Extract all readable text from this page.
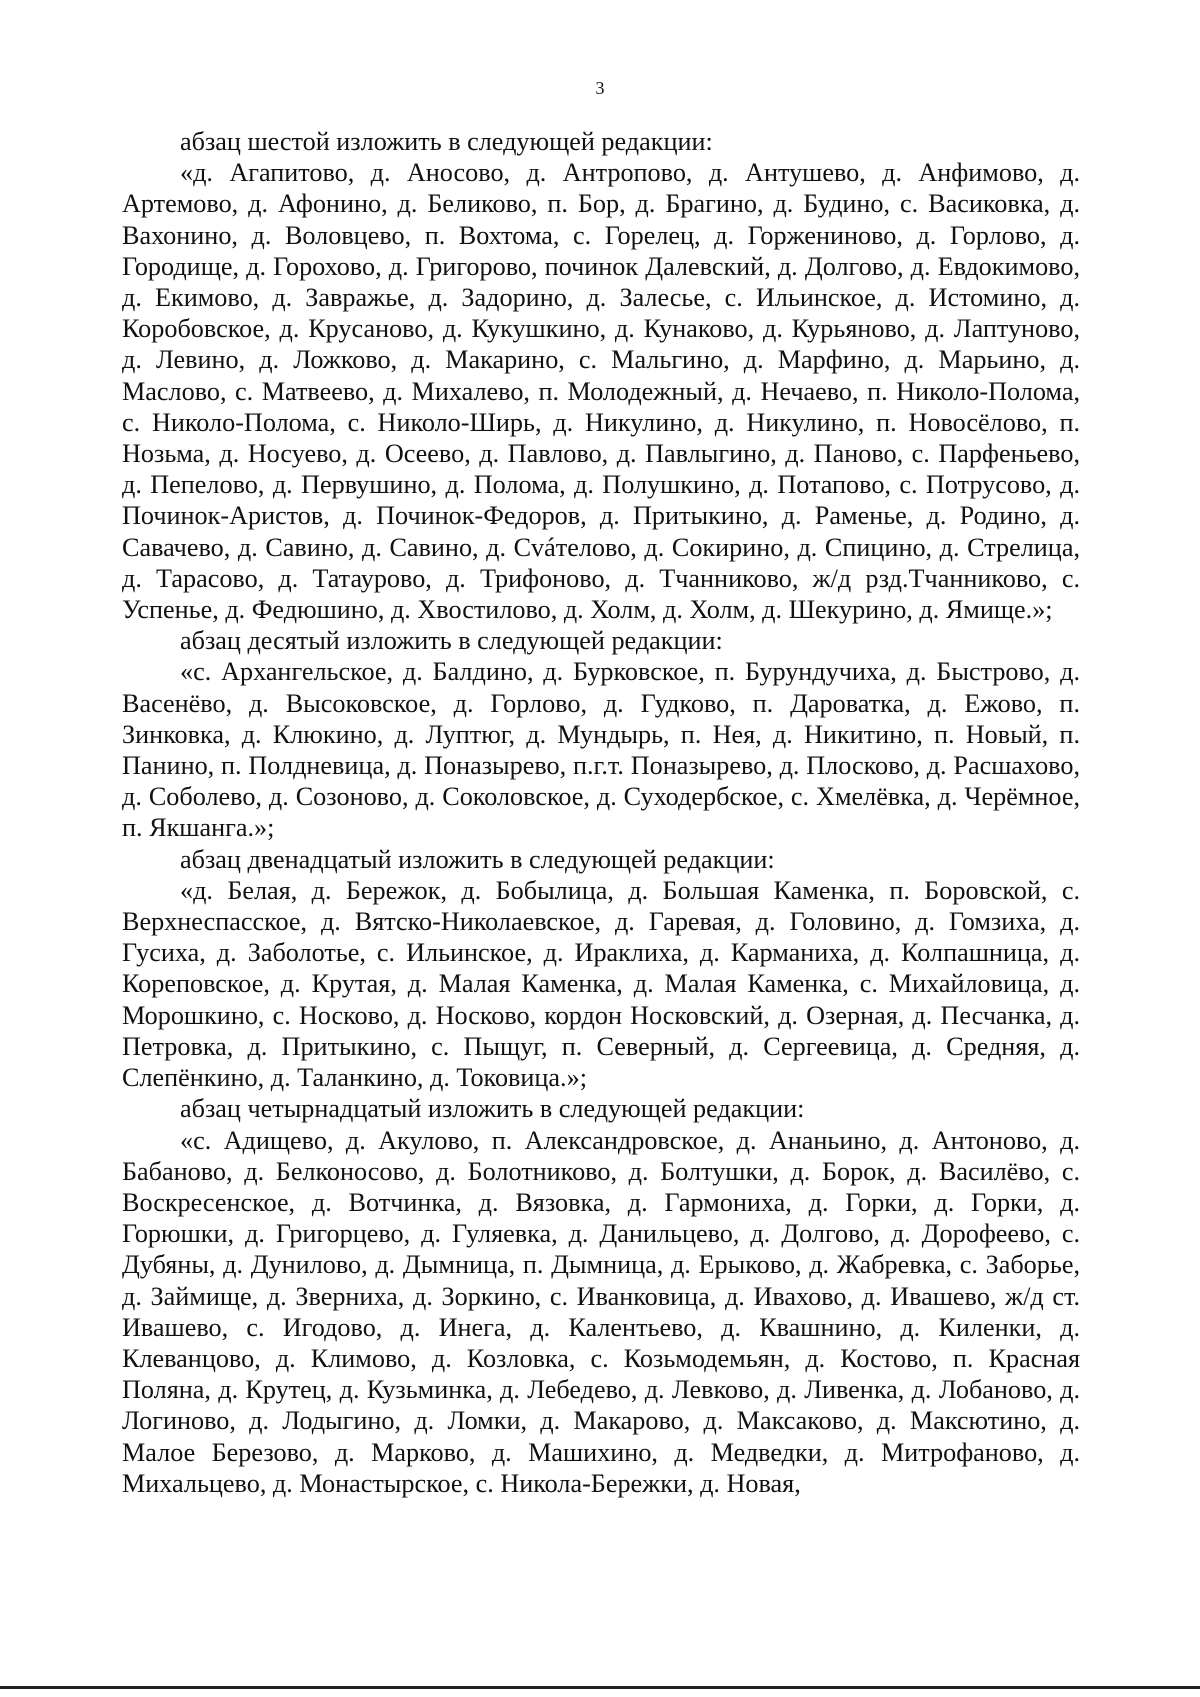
3

абзац шестой изложить в следующей редакции:

«д. Агапитово, д. Аносово, д. Антропово, д. Антушево, д. Анфимово, д. Артемово, д. Афонино, д. Беликово, п. Бор, д. Брагино, д. Будино, с. Васиковка, д. Вахонино, д. Воловцево, п. Вохтома, с. Горелец, д. Горжениново, д. Горлово, д. Городище, д. Горохово, д. Григорово, починок Далевский, д. Долгово, д. Евдокимово, д. Екимово, д. Завражье, д. Задорино, д. Залесье, с. Ильинское, д. Истомино, д. Коробовское, д. Крусаново, д. Кукушкино, д. Кунаково, д. Курьяново, д. Лаптуново, д. Левино, д. Ложково, д. Макарино, с. Мальгино, д. Марфино, д. Марьино, д. Маслово, с. Матвеево, д. Михалево, п. Молодежный, д. Нечаево, п. Николо-Полома, с. Николо-Полома, с. Николо-Ширь, д. Никулино, д. Никулино, п. Новосёлово, п. Нозьма, д. Носуево, д. Осеево, д. Павлово, д. Павлыгино, д. Паново, с. Парфеньево, д. Пепелово, д. Первушино, д. Полома, д. Полушкино, д. Потапово, с. Потрусово, д. Починок-Аристов, д. Починок-Федоров, д. Притыкино, д. Раменье, д. Родино, д. Савачево, д. Савино, д. Савино, д. Сváтелово, д. Сокирино, д. Спицино, д. Стрелица, д. Тарасово, д. Татаурово, д. Трифоново, д. Тчанниково, ж/д рзд.Тчанниково, с. Успенье, д. Федюшино, д. Хвостилово, д. Холм, д. Холм, д. Шекурино, д. Ямище.»;

абзац десятый изложить в следующей редакции:

«с. Архангельское, д. Балдино, д. Бурковское, п. Бурундучиха, д. Быстрово, д. Васенёво, д. Высоковское, д. Горлово, д. Гудково, п. Дароватка, д. Ежово, п. Зинковка, д. Клюкино, д. Луптюг, д. Мундырь, п. Нея, д. Никитино, п. Новый, п. Панино, п. Полдневица, д. Поназырево, п.г.т. Поназырево, д. Плосково, д. Расшахово, д. Соболево, д. Созоново, д. Соколовское, д. Суходербское, с. Хмелёвка, д. Черёмное, п. Якшанга.»;

абзац двенадцатый изложить в следующей редакции:

«д. Белая, д. Бережок, д. Бобылица, д. Большая Каменка, п. Боровской, с. Верхнеспасское, д. Вятско-Николаевское, д. Гаревая, д. Головино, д. Гомзиха, д. Гусиха, д. Заболотье, с. Ильинское, д. Ираклиха, д. Карманиха, д. Колпашница, д. Кореповское, д. Крутая, д. Малая Каменка, д. Малая Каменка, с. Михайловица, д. Морошкино, с. Носково, д. Носково, кордон Носковский, д. Озерная, д. Песчанка, д. Петровка, д. Притыкино, с. Пыщуг, п. Северный, д. Сергеевица, д. Средняя, д. Слепёнкино, д. Таланкино, д. Токовица.»;

абзац четырнадцатый изложить в следующей редакции:

«с. Адищево, д. Акулово, п. Александровское, д. Ананьино, д. Антоново, д. Бабаново, д. Белконосово, д. Болотниково, д. Болтушки, д. Борок, д. Василёво, с. Воскресенское, д. Вотчинка, д. Вязовка, д. Гармониха, д. Горки, д. Горки, д. Горюшки, д. Григорцево, д. Гуляевка, д. Данильцево, д. Долгово, д. Дорофеево, с. Дубяны, д. Дунилово, д. Дымница, п. Дымница, д. Ерыково, д. Жабревка, с. Заборье, д. Займище, д. Зверниха, д. Зоркино, с. Иванковица, д. Ивахово, д. Ивашево, ж/д ст. Ивашево, с. Игодово, д. Инега, д. Калентьево, д. Квашнино, д. Киленки, д. Клеванцово, д. Климово, д. Козловка, с. Козьмодемьян, д. Костово, п. Красная Поляна, д. Крутец, д. Кузьминка, д. Лебедево, д. Левково, д. Ливенка, д. Лобаново, д. Логиново, д. Лодыгино, д. Ломки, д. Макарово, д. Максаково, д. Максютино, д. Малое Березово, д. Марково, д. Машихино, д. Медведки, д. Митрофаново, д. Михальцево, д. Монастырское, с. Никола-Бережки, д. Новая,
